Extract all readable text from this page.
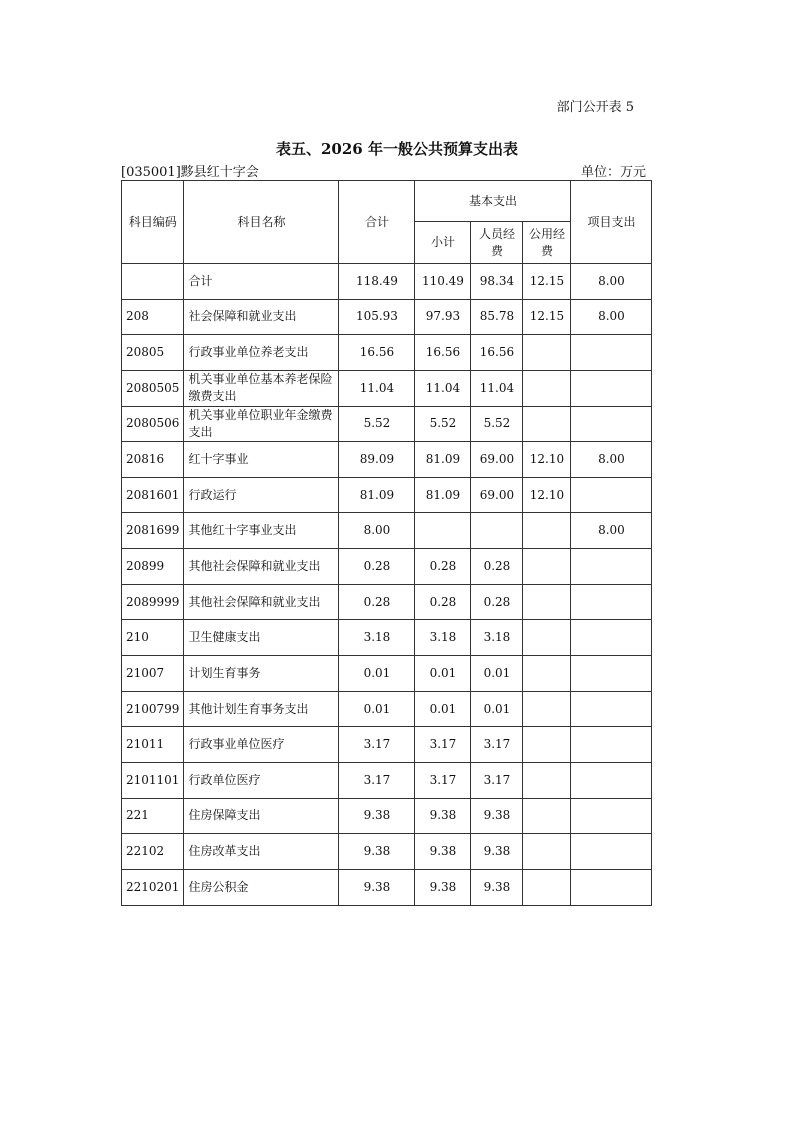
部门公开表 5
表五、2026 年一般公共预算支出表
[035001]黟县红十字会	单位：万元
科目编码	科目名称	合计	基本支出			项目支出
			小计	人员经费	公用经费	
	合计	118.49	110.49	98.34	12.15	8.00
208	社会保障和就业支出	105.93	97.93	85.78	12.15	8.00
20805	行政事业单位养老支出	16.56	16.56	16.56		
2080505	机关事业单位基本养老保险缴费支出	11.04	11.04	11.04		
2080506	机关事业单位职业年金缴费支出	5.52	5.52	5.52		
20816	红十字事业	89.09	81.09	69.00	12.10	8.00
2081601	行政运行	81.09	81.09	69.00	12.10	
2081699	其他红十字事业支出	8.00				8.00
20899	其他社会保障和就业支出	0.28	0.28	0.28		
2089999	其他社会保障和就业支出	0.28	0.28	0.28		
210	卫生健康支出	3.18	3.18	3.18		
21007	计划生育事务	0.01	0.01	0.01		
2100799	其他计划生育事务支出	0.01	0.01	0.01		
21011	行政事业单位医疗	3.17	3.17	3.17		
2101101	行政单位医疗	3.17	3.17	3.17		
221	住房保障支出	9.38	9.38	9.38		
22102	住房改革支出	9.38	9.38	9.38		
2210201	住房公积金	9.38	9.38	9.38		
